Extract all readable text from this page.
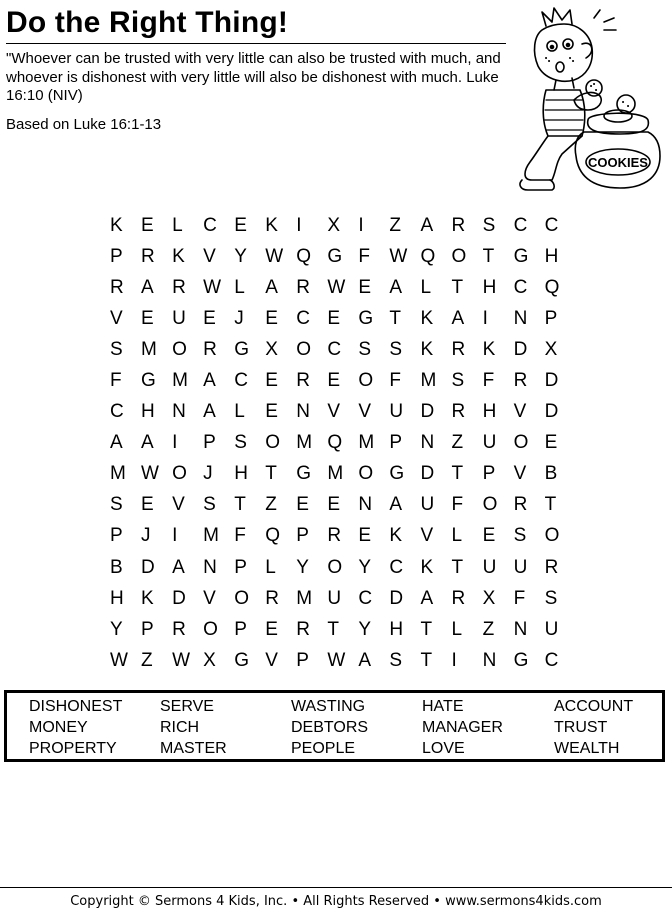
Do the Right Thing!

"Whoever can be trusted with very little can also be trusted with much, and whoever is dishonest with very little will also be dishonest with much. Luke 16:10 (NIV)

Based on Luke 16:1-13

COOKIES
K E L C E K I X I Z A R S C C
P R K V Y W Q G F W Q O T G H
R A R W L A R W E A L T H C Q
V E U E J E C E G T K A I N P
S M O R G X O C S S K R K D X
F G M A C E R E O F M S F R D
C H N A L E N V V U D R H V D
A A I P S O M Q M P N Z U O E
M W O J H T G M O G D T P V B
S E V S T Z E E N A U F O R T
P J I M F Q P R E K V L E S O
B D A N P L Y O Y C K T U U R
H K D V O R M U C D A R X F S
Y P R O P E R T Y H T L Z N U
W Z W X G V P W A S T I N G C
DISHONEST SERVE	WASTING	HATE	ACCOUNT
MONEY	RICH	DEBTORS	MANAGER	TRUST
PROPERTY	MASTER	PEOPLE	LOVE	WEALTH
Copyright © Sermons 4 Kids, Inc. • All Rights Reserved • www.sermons4kids.com
